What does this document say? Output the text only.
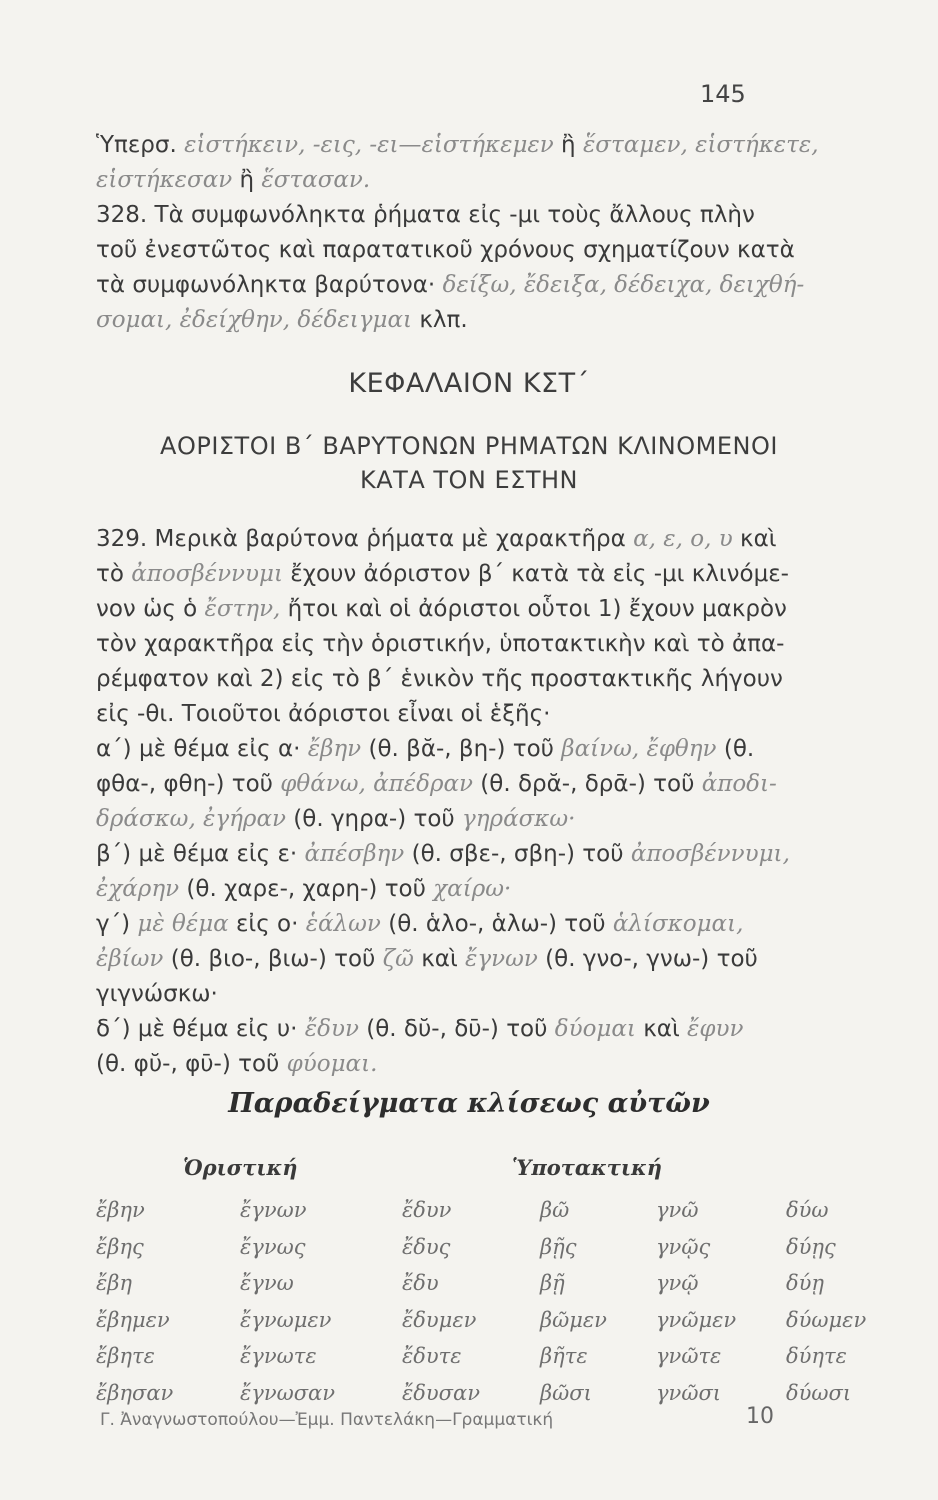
145
Ὑπερσ. εἱστήκειν, -εις, -ει—εἱστήκεμεν ἢ ἕσταμεν, εἱστήκετε,
εἱστήκεσαν ἢ ἕστασαν.
328. Τὰ συμφωνόληκτα ῥήματα εἰς -μι τοὺς ἄλλους πλὴν
τοῦ ἐνεστῶτος καὶ παρατατικοῦ χρόνους σχηματίζουν κατὰ
τὰ συμφωνόληκτα βαρύτονα· δείξω, ἔδειξα, δέδειχα, δειχθή-
σομαι, ἐδείχθην, δέδειγμαι κλπ.
ΚΕΦΑΛΑΙΟΝ ΚΣΤ΄
ΑΟΡΙΣΤΟΙ Β΄ ΒΑΡΥΤΟΝΩΝ ΡΗΜΑΤΩΝ ΚΛΙΝΟΜΕΝΟΙ
ΚΑΤΑ ΤΟΝ ΕΣΤΗΝ
329. Μερικὰ βαρύτονα ῥήματα μὲ χαρακτῆρα α, ε, ο, υ καὶ
τὸ ἀποσβέννυμι ἔχουν ἀόριστον β΄ κατὰ τὰ εἰς -μι κλινόμε-
νον ὡς ὁ ἔστην, ἤτοι καὶ οἱ ἀόριστοι οὗτοι 1) ἔχουν μακρὸν
τὸν χαρακτῆρα εἰς τὴν ὁριστικήν, ὑποτακτικὴν καὶ τὸ ἀπα-
ρέμφατον καὶ 2) εἰς τὸ β΄ ἑνικὸν τῆς προστακτικῆς λήγουν
εἰς -θι. Τοιοῦτοι ἀόριστοι εἶναι οἱ ἑξῆς·
α΄) μὲ θέμα εἰς α· ἔβην (θ. βᾰ-, βη-) τοῦ βαίνω, ἔφθην (θ.
φθα-, φθη-) τοῦ φθάνω, ἀπέδραν (θ. δρᾰ-, δρᾱ-) τοῦ ἀποδι-
δράσκω, ἐγήραν (θ. γηρα-) τοῦ γηράσκω·
β΄) μὲ θέμα εἰς ε· ἀπέσβην (θ. σβε-, σβη-) τοῦ ἀποσβέννυμι,
ἐχάρην (θ. χαρε-, χαρη-) τοῦ χαίρω·
γ΄) μὲ θέμα εἰς ο· ἑάλων (θ. ἁλο-, ἁλω-) τοῦ ἁλίσκομαι,
ἐβίων (θ. βιο-, βιω-) τοῦ ζῶ καὶ ἔγνων (θ. γνο-, γνω-) τοῦ
γιγνώσκω·
δ΄) μὲ θέμα εἰς υ· ἔδυν (θ. δῠ-, δῡ-) τοῦ δύομαι καὶ ἔφυν
(θ. φῠ-, φῡ-) τοῦ φύομαι.
Παραδείγματα κλίσεως αὐτῶν
Ὁριστική	Ὑποτακτική
ἔβην
ἔβης
ἔβη
ἔβημεν
ἔβητε
ἔβησαν
ἔγνων
ἔγνως
ἔγνω
ἔγνωμεν
ἔγνωτε
ἔγνωσαν
ἔδυν
ἔδυς
ἔδυ
ἔδυμεν
ἔδυτε
ἔδυσαν
βῶ
βῇς
βῇ
βῶμεν
βῆτε
βῶσι
γνῶ
γνῷς
γνῷ
γνῶμεν
γνῶτε
γνῶσι
δύω
δύῃς
δύῃ
δύωμεν
δύητε
δύωσι
Γ. Ἀναγνωστοπούλου—Ἐμμ. Παντελάκη—Γραμματική	10
